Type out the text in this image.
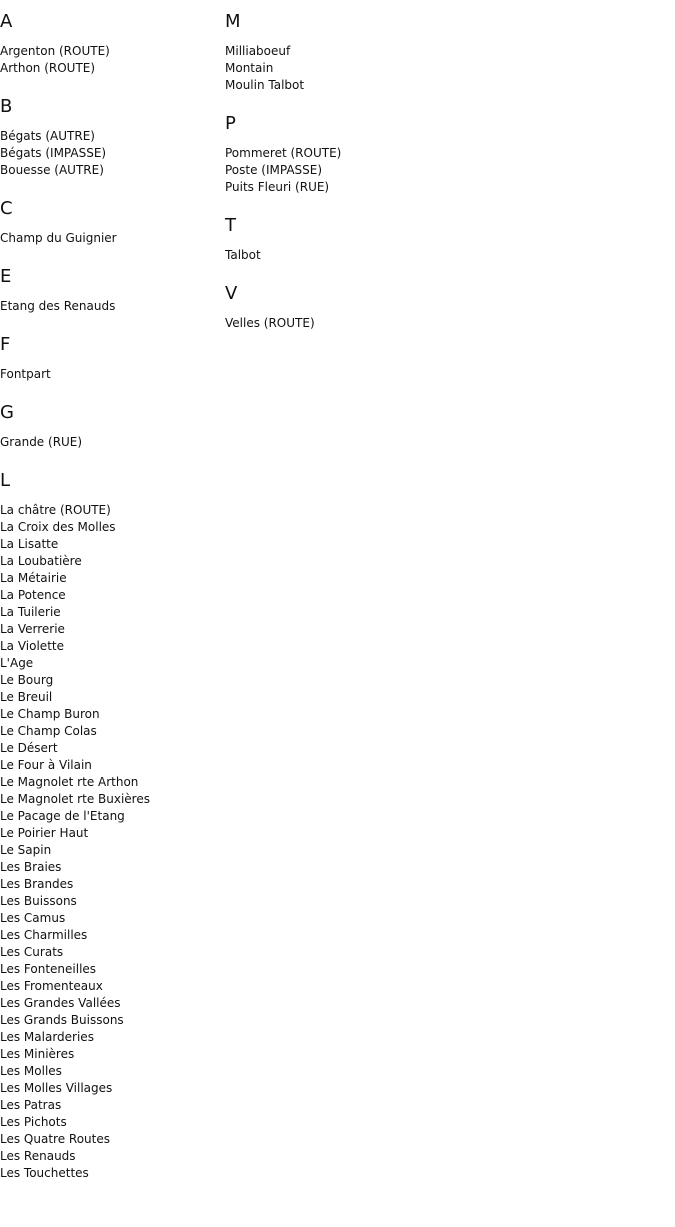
A
Argenton (ROUTE)
Arthon (ROUTE)
B
Bégats (AUTRE)
Bégats (IMPASSE)
Bouesse (AUTRE)
C
Champ du Guignier
E
Etang des Renauds
F
Fontpart
G
Grande (RUE)
L
La châtre (ROUTE)
La Croix des Molles
La Lisatte
La Loubatière
La Métairie
La Potence
La Tuilerie
La Verrerie
La Violette
L'Age
Le Bourg
Le Breuil
Le Champ Buron
Le Champ Colas
Le Désert
Le Four à Vilain
Le Magnolet rte Arthon
Le Magnolet rte Buxières
Le Pacage de l'Etang
Le Poirier Haut
Le Sapin
Les Braies
Les Brandes
Les Buissons
Les Camus
Les Charmilles
Les Curats
Les Fonteneilles
Les Fromenteaux
Les Grandes Vallées
Les Grands Buissons
Les Malarderies
Les Minières
Les Molles
Les Molles Villages
Les Patras
Les Pichots
Les Quatre Routes
Les Renauds
Les Touchettes
M
Milliaboeuf
Montain
Moulin Talbot
P
Pommeret (ROUTE)
Poste (IMPASSE)
Puits Fleuri (RUE)
T
Talbot
V
Velles (ROUTE)
